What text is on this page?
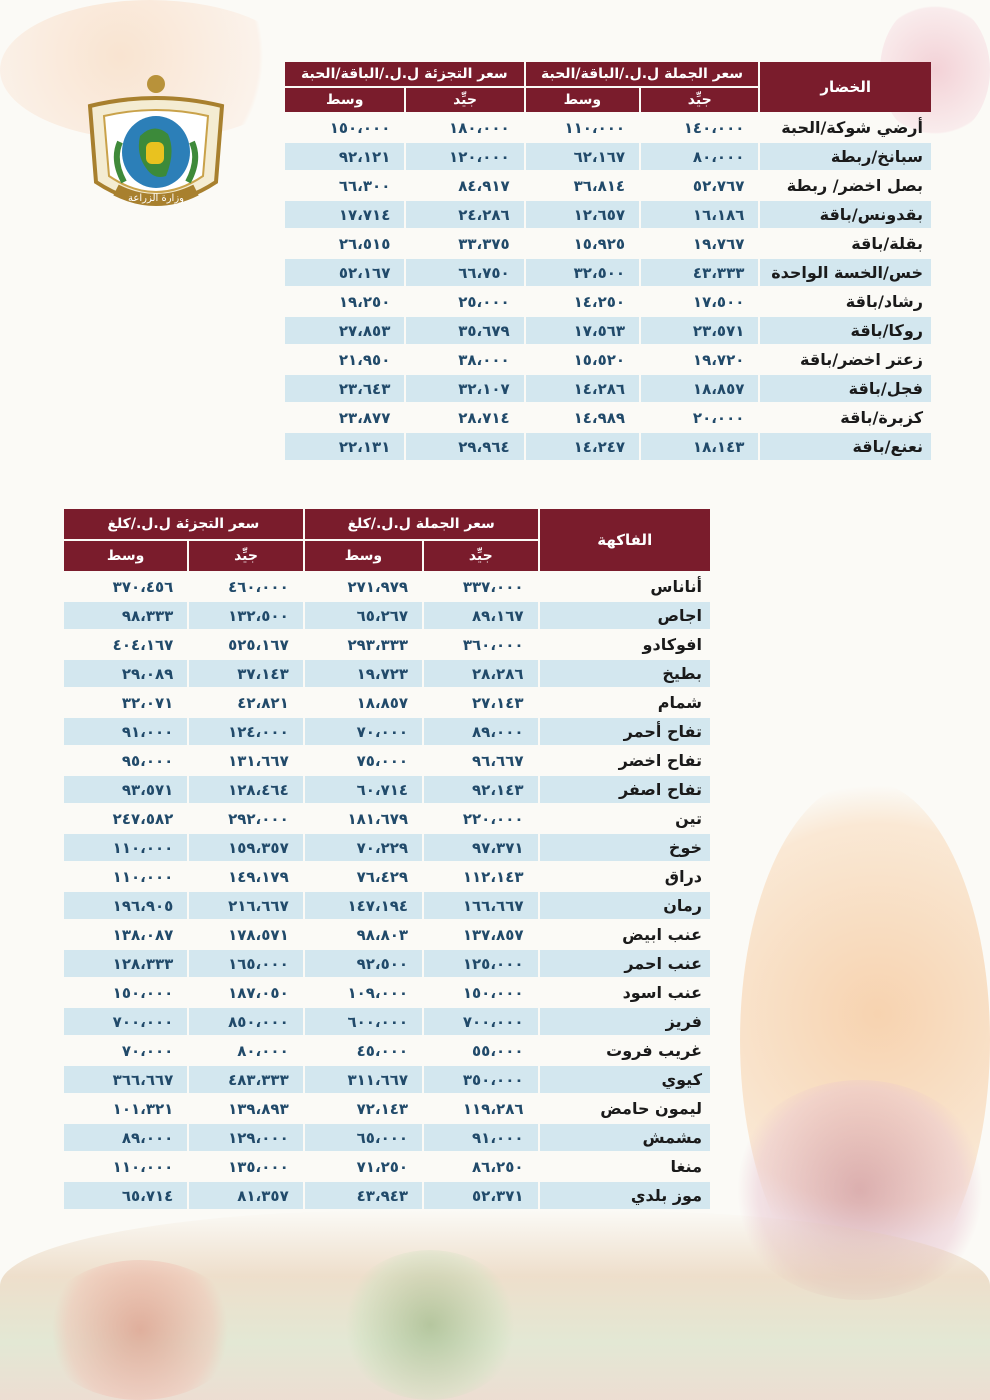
وزارة الزراعة
الخضار	سعر الجملة ل.ل./الباقة/الحبة		سعر التجزئة ل.ل./الباقة/الحبة	
	جيِّد	وسط	جيِّد	وسط
أرضي شوكة/الحبة	١٤٠،٠٠٠	١١٠،٠٠٠	١٨٠،٠٠٠	١٥٠،٠٠٠
سبانخ/ربطة	٨٠،٠٠٠	٦٢،١٦٧	١٢٠،٠٠٠	٩٢،١٢١
بصل اخضر/ ربطة	٥٢،٧٦٧	٣٦،٨١٤	٨٤،٩١٧	٦٦،٣٠٠
بقدونس/باقة	١٦،١٨٦	١٢،٦٥٧	٢٤،٢٨٦	١٧،٧١٤
بقلة/باقة	١٩،٧٦٧	١٥،٩٢٥	٣٣،٣٧٥	٢٦،٥١٥
خس/الخسة الواحدة	٤٣،٣٣٣	٣٢،٥٠٠	٦٦،٧٥٠	٥٢،١٦٧
رشاد/باقة	١٧،٥٠٠	١٤،٢٥٠	٢٥،٠٠٠	١٩،٢٥٠
روكا/باقة	٢٣،٥٧١	١٧،٥٦٣	٣٥،٦٧٩	٢٧،٨٥٣
زعتر اخضر/باقة	١٩،٧٢٠	١٥،٥٢٠	٣٨،٠٠٠	٢١،٩٥٠
فجل/باقة	١٨،٨٥٧	١٤،٢٨٦	٣٢،١٠٧	٢٣،٦٤٣
كزبرة/باقة	٢٠،٠٠٠	١٤،٩٨٩	٢٨،٧١٤	٢٣،٨٧٧
نعنع/باقة	١٨،١٤٣	١٤،٢٤٧	٢٩،٩٦٤	٢٢،١٣١
الفاكهة	سعر الجملة ل.ل./كلغ		سعر التجزئة ل.ل./كلغ	
	جيِّد	وسط	جيِّد	وسط
أناناس	٣٣٧،٠٠٠	٢٧١،٩٧٩	٤٦٠،٠٠٠	٣٧٠،٤٥٦
اجاص	٨٩،١٦٧	٦٥،٢٦٧	١٣٢،٥٠٠	٩٨،٣٣٣
افوكادو	٣٦٠،٠٠٠	٢٩٣،٣٣٣	٥٢٥،١٦٧	٤٠٤،١٦٧
بطيخ	٢٨،٢٨٦	١٩،٧٢٣	٣٧،١٤٣	٢٩،٠٨٩
شمام	٢٧،١٤٣	١٨،٨٥٧	٤٢،٨٢١	٣٢،٠٧١
تفاح أحمر	٨٩،٠٠٠	٧٠،٠٠٠	١٢٤،٠٠٠	٩١،٠٠٠
تفاح اخضر	٩٦،٦٦٧	٧٥،٠٠٠	١٣١،٦٦٧	٩٥،٠٠٠
تفاح اصفر	٩٢،١٤٣	٦٠،٧١٤	١٢٨،٤٦٤	٩٣،٥٧١
تين	٢٢٠،٠٠٠	١٨١،٦٧٩	٢٩٢،٠٠٠	٢٤٧،٥٨٢
خوخ	٩٧،٣٧١	٧٠،٢٢٩	١٥٩،٣٥٧	١١٠،٠٠٠
دراق	١١٢،١٤٣	٧٦،٤٢٩	١٤٩،١٧٩	١١٠،٠٠٠
رمان	١٦٦،٦٦٧	١٤٧،١٩٤	٢١٦،٦٦٧	١٩٦،٩٠٥
عنب ابيض	١٣٧،٨٥٧	٩٨،٨٠٣	١٧٨،٥٧١	١٣٨،٠٨٧
عنب احمر	١٢٥،٠٠٠	٩٢،٥٠٠	١٦٥،٠٠٠	١٢٨،٣٣٣
عنب اسود	١٥٠،٠٠٠	١٠٩،٠٠٠	١٨٧،٠٥٠	١٥٠،٠٠٠
فريز	٧٠٠،٠٠٠	٦٠٠،٠٠٠	٨٥٠،٠٠٠	٧٠٠،٠٠٠
غريب فروت	٥٥،٠٠٠	٤٥،٠٠٠	٨٠،٠٠٠	٧٠،٠٠٠
كيوي	٣٥٠،٠٠٠	٣١١،٦٦٧	٤٨٣،٣٣٣	٣٦٦،٦٦٧
ليمون حامض	١١٩،٢٨٦	٧٢،١٤٣	١٣٩،٨٩٣	١٠١،٣٢١
مشمش	٩١،٠٠٠	٦٥،٠٠٠	١٢٩،٠٠٠	٨٩،٠٠٠
منغا	٨٦،٢٥٠	٧١،٢٥٠	١٣٥،٠٠٠	١١٠،٠٠٠
موز بلدي	٥٢،٣٧١	٤٣،٩٤٣	٨١،٣٥٧	٦٥،٧١٤
